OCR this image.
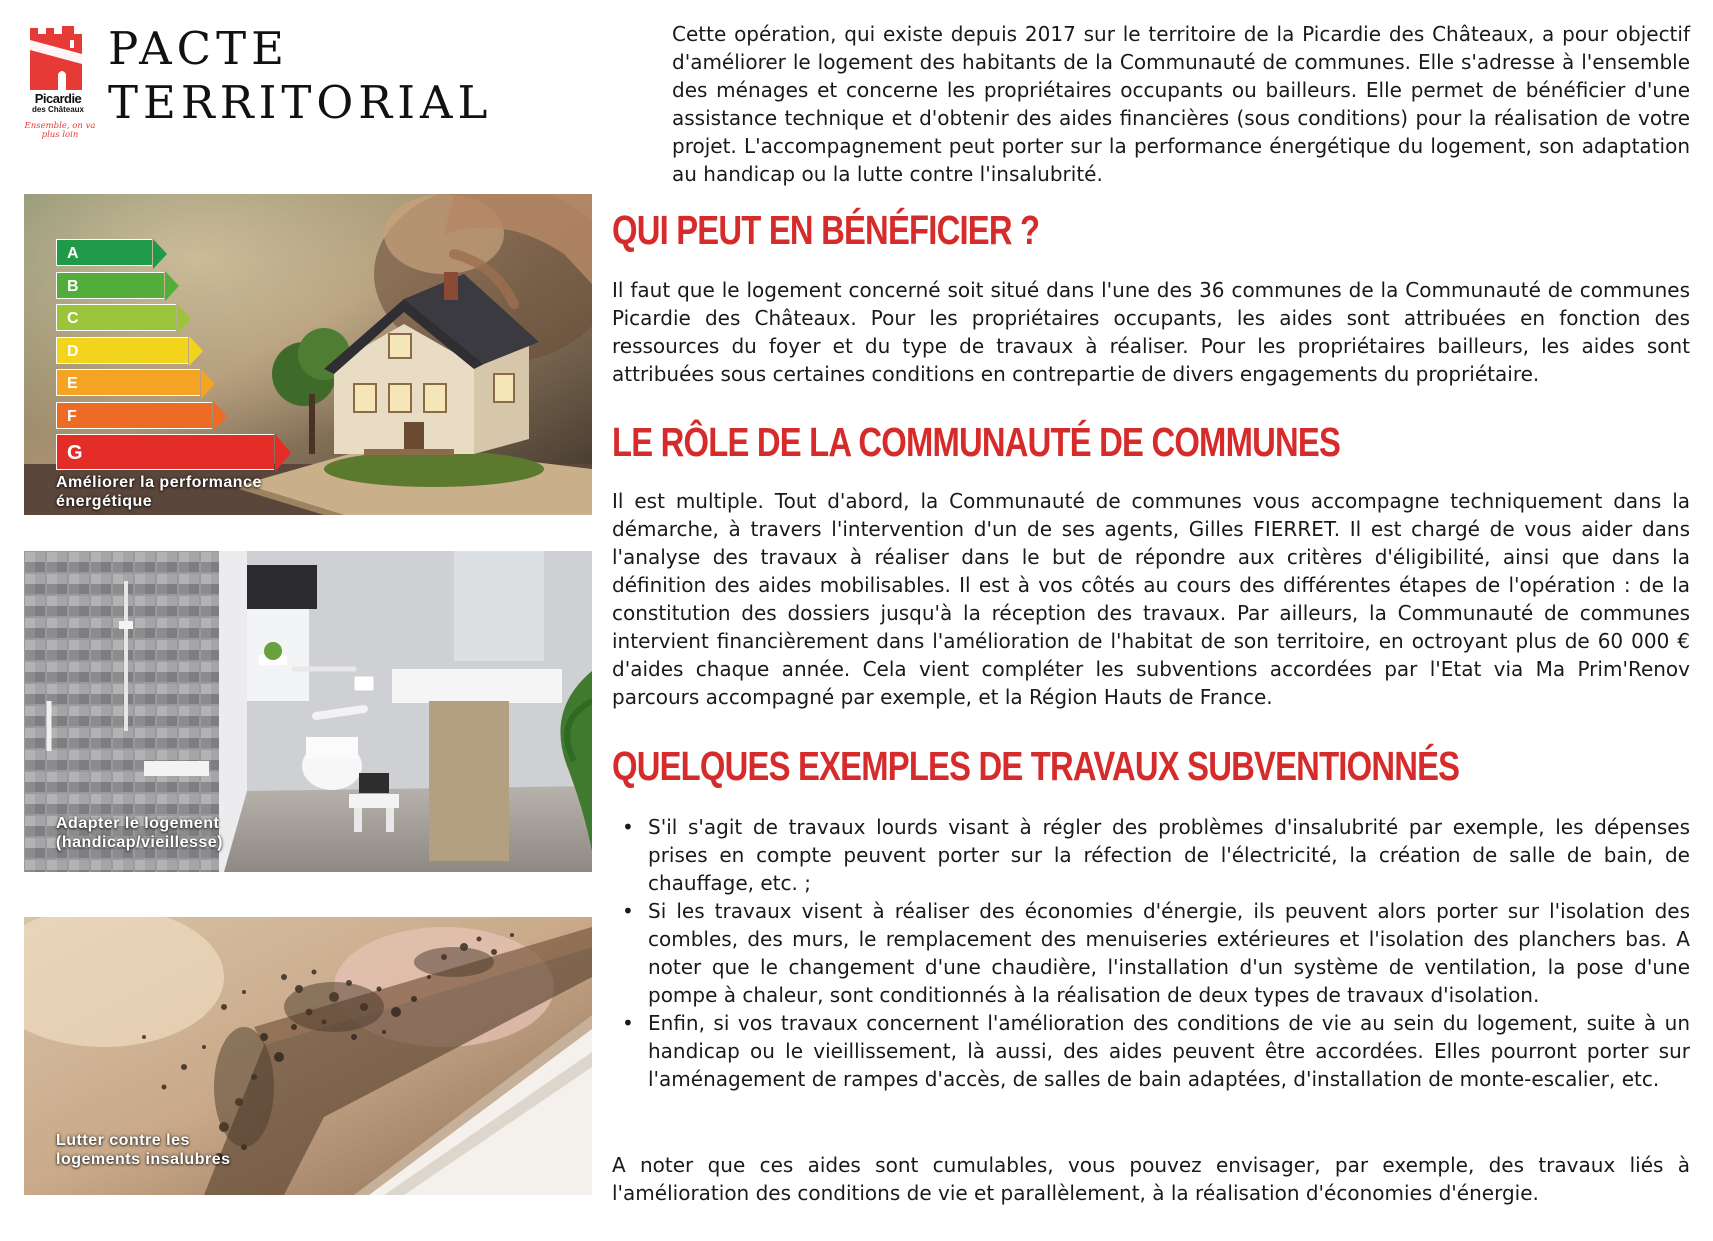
Picardie
des Châteaux
Ensemble, on va plus loin
PACTE
TERRITORIAL

Cette opération, qui existe depuis 2017 sur le territoire de la Picardie des Châteaux, a pour objectif d'améliorer le logement des habitants de la Communauté de communes. Elle s'adresse à l'ensemble des ménages et concerne les propriétaires occupants ou bailleurs. Elle permet de bénéficier d'une assistance technique et d'obtenir des aides financières (sous conditions) pour la réalisation de votre projet. L'accompagnement peut porter sur la performance énergétique du logement, son adaptation au handicap ou la lutte contre l'insalubrité.

A
B
C
D
E
F
G
Améliorer la performance
énergétique
Adapter le logement
(handicap/vieillesse)
Lutter contre les
logements insalubres
QUI PEUT EN BÉNÉFICIER ?

Il faut que le logement concerné soit situé dans l'une des 36 communes de la Communauté de communes Picardie des Châteaux. Pour les propriétaires occupants, les aides sont attribuées en fonction des ressources du foyer et du type de travaux à réaliser. Pour les propriétaires bailleurs, les aides sont attribuées sous certaines conditions en contrepartie de divers engagements du propriétaire.

LE RÔLE DE LA COMMUNAUTÉ DE COMMUNES

Il est multiple. Tout d'abord, la Communauté de communes vous accompagne techniquement dans la démarche, à travers l'intervention d'un de ses agents, Gilles FIERRET. Il est chargé de vous aider dans l'analyse des travaux à réaliser dans le but de répondre aux critères d'éligibilité, ainsi que dans la définition des aides mobilisables. Il est à vos côtés au cours des différentes étapes de l'opération : de la constitution des dossiers jusqu'à la réception des travaux. Par ailleurs, la Communauté de communes intervient financièrement dans l'amélioration de l'habitat de son territoire, en octroyant plus de 60 000 € d'aides chaque année. Cela vient compléter les subventions accordées par l'Etat via Ma Prim'Renov parcours accompagné par exemple, et la Région Hauts de France.

QUELQUES EXEMPLES DE TRAVAUX SUBVENTIONNÉS
• S'il s'agit de travaux lourds visant à régler des problèmes d'insalubrité par exemple, les dépenses prises en compte peuvent porter sur la réfection de l'électricité, la création de salle de bain, de chauffage, etc. ;
• Si les travaux visent à réaliser des économies d'énergie, ils peuvent alors porter sur l'isolation des combles, des murs, le remplacement des menuiseries extérieures et l'isolation des planchers bas. A noter que le changement d'une chaudière, l'installation d'un système de ventilation, la pose d'une pompe à chaleur, sont conditionnés à la réalisation de deux types de travaux d'isolation.
• Enfin, si vos travaux concernent l'amélioration des conditions de vie au sein du logement, suite à un handicap ou le vieillissement, là aussi, des aides peuvent être accordées. Elles pourront porter sur l'aménagement de rampes d'accès, de salles de bain adaptées, d'installation de monte-escalier, etc.

A noter que ces aides sont cumulables, vous pouvez envisager, par exemple, des travaux liés à l'amélioration des conditions de vie et parallèlement, à la réalisation d'économies d'énergie.
